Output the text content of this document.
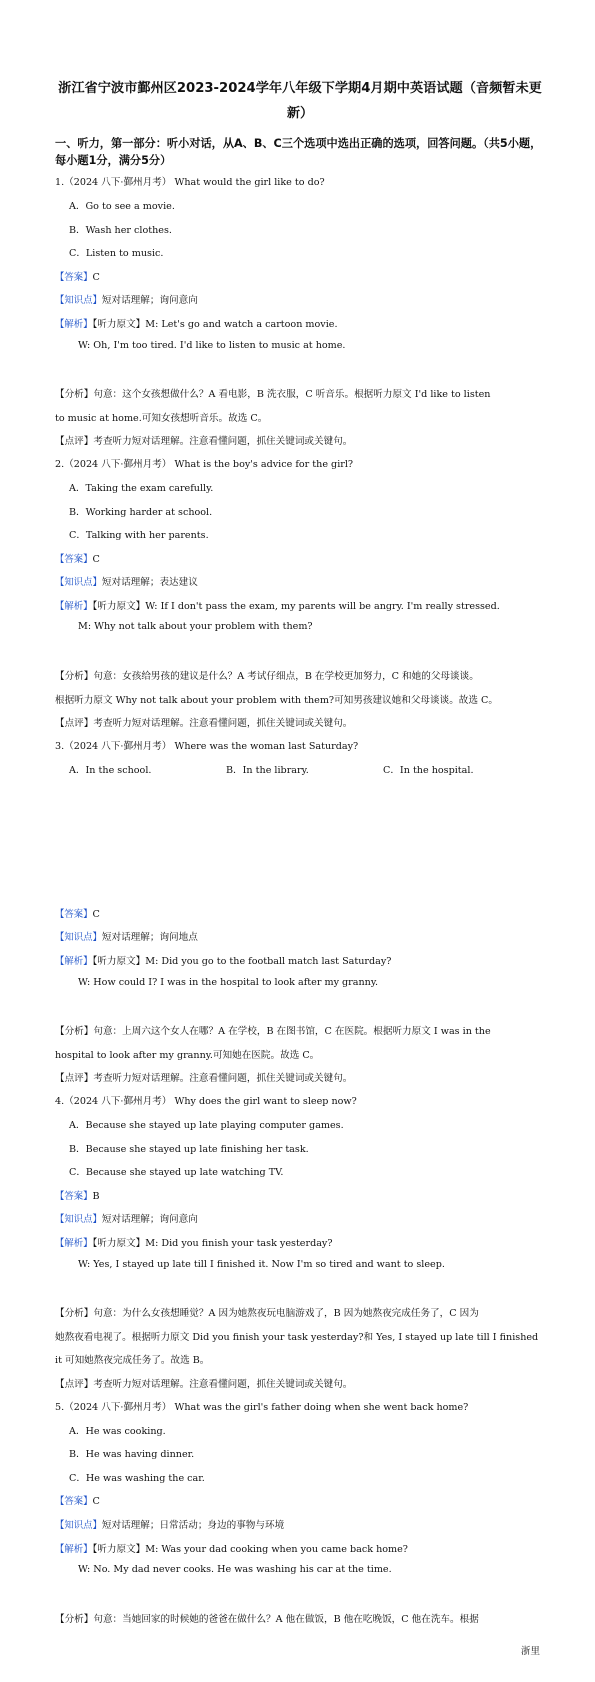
浙江省宁波市鄞州区2023-2024学年八年级下学期4月期中英语试题（音频暂未更新）
一、听力，第一部分：听小对话，从A、B、C三个选项中选出正确的选项，回答问题。（共5小题，每小题1分，满分5分）
1.（2024 八下·鄞州月考） What would the girl like to do?
A．Go to see a movie.
B．Wash her clothes.
C．Listen to music.
【答案】C
【知识点】短对话理解；询问意向
【解析】【听力原文】M: Let's go and watch a cartoon movie.
W: Oh, I'm too tired. I'd like to listen to music at home.
【分析】句意：这个女孩想做什么？A 看电影，B 洗衣服，C 听音乐。根据听力原文 I'd like to listen
to music at home.可知女孩想听音乐。故选 C。
【点评】考查听力短对话理解。注意看懂问题，抓住关键词或关键句。
2.（2024 八下·鄞州月考） What is the boy's advice for the girl?
A．Taking the exam carefully.
B．Working harder at school.
C．Talking with her parents.
【答案】C
【知识点】短对话理解；表达建议
【解析】【听力原文】W: If I don't pass the exam, my parents will be angry. I'm really stressed.
M: Why not talk about your problem with them?
【分析】句意：女孩给男孩的建议是什么？A 考试仔细点，B 在学校更加努力，C 和她的父母谈谈。
根据听力原文 Why not talk about your problem with them?可知男孩建议她和父母谈谈。故选 C。
【点评】考查听力短对话理解。注意看懂问题，抓住关键词或关键句。
3.（2024 八下·鄞州月考） Where was the woman last Saturday?
A．In the school.	B．In the library.	C．In the hospital.
【答案】C
【知识点】短对话理解；询问地点
【解析】【听力原文】M: Did you go to the football match last Saturday?
W: How could I? I was in the hospital to look after my granny.
【分析】句意：上周六这个女人在哪？A 在学校，B 在图书馆，C 在医院。根据听力原文 I was in the
hospital to look after my granny.可知她在医院。故选 C。
【点评】考查听力短对话理解。注意看懂问题，抓住关键词或关键句。
4.（2024 八下·鄞州月考） Why does the girl want to sleep now?
A．Because she stayed up late playing computer games.
B．Because she stayed up late finishing her task.
C．Because she stayed up late watching TV.
【答案】B
【知识点】短对话理解；询问意向
【解析】【听力原文】M: Did you finish your task yesterday?
W: Yes, I stayed up late till I finished it. Now I'm so tired and want to sleep.
【分析】句意：为什么女孩想睡觉？A 因为她熬夜玩电脑游戏了，B 因为她熬夜完成任务了，C 因为
她熬夜看电视了。根据听力原文 Did you finish your task yesterday?和 Yes, I stayed up late till I finished
it 可知她熬夜完成任务了。故选 B。
【点评】考查听力短对话理解。注意看懂问题，抓住关键词或关键句。
5.（2024 八下·鄞州月考） What was the girl's father doing when she went back home?
A．He was cooking.
B．He was having dinner.
C．He was washing the car.
【答案】C
【知识点】短对话理解；日常活动；身边的事物与环境
【解析】【听力原文】M: Was your dad cooking when you came back home?
W: No. My dad never cooks. He was washing his car at the time.
【分析】句意：当她回家的时候她的爸爸在做什么？A 他在做饭，B 他在吃晚饭，C 他在洗车。根据
浙里
